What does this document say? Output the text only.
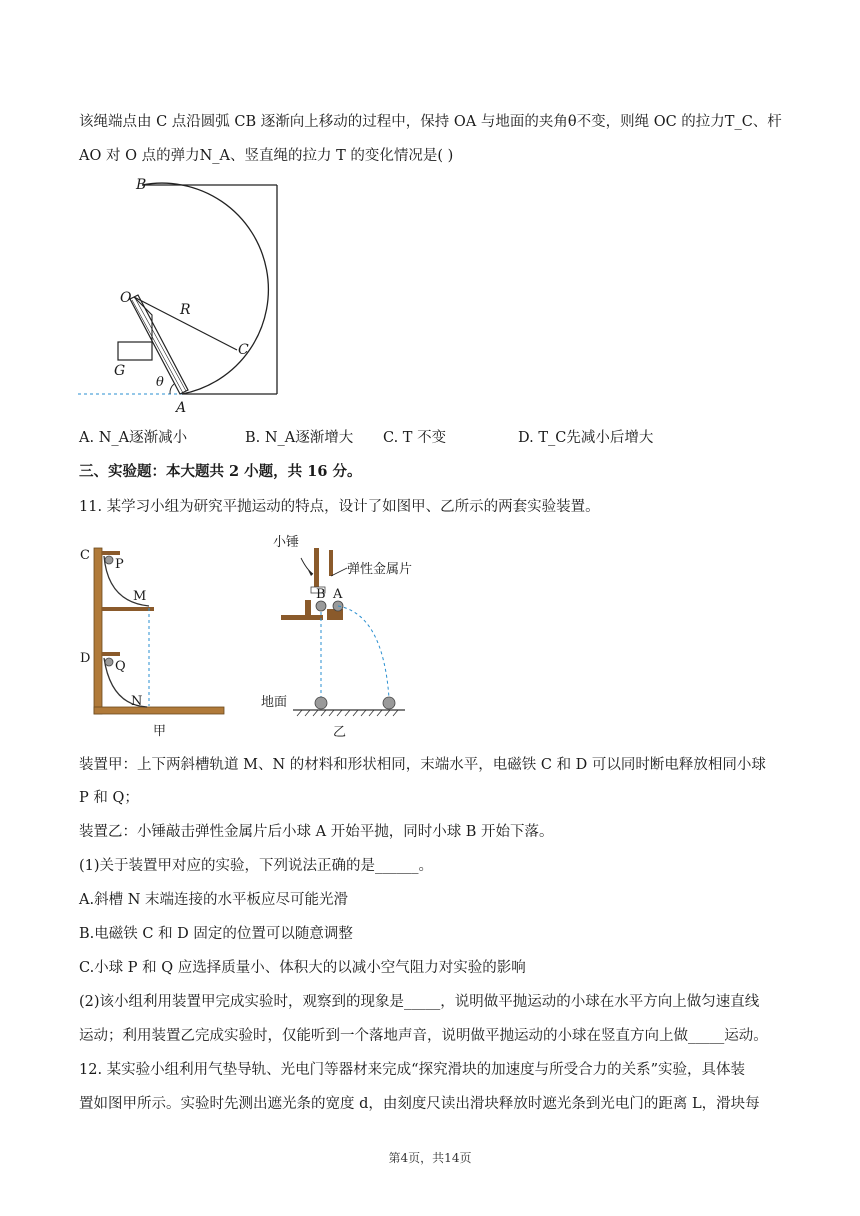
该绳端点由 C 点沿圆弧 CB 逐渐向上移动的过程中，保持 OA 与地面的夹角θ不变，则绳 OC 的拉力T_C、杆
AO 对 O 点的弹力N_A、竖直绳的拉力 T 的变化情况是( )
B
O
R
C
G
θ
A
A. N_A逐渐减小	B. N_A逐渐增大 C. T 不变	D. T_C先减小后增大
三、实验题：本大题共 2 小题，共 16 分。
11. 某学习小组为研究平抛运动的特点，设计了如图甲、乙所示的两套实验装置。
C
P
M
D
Q
N
甲
小锤
弹性金属片
B A
地面
乙
装置甲：上下两斜槽轨道 M、N 的材料和形状相同，末端水平，电磁铁 C 和 D 可以同时断电释放相同小球
P 和 Q；
装置乙：小锤敲击弹性金属片后小球 A 开始平抛，同时小球 B 开始下落。
(1)关于装置甲对应的实验，下列说法正确的是______。
A.斜槽 N 末端连接的水平板应尽可能光滑
B.电磁铁 C 和 D 固定的位置可以随意调整
C.小球 P 和 Q 应选择质量小、体积大的以减小空气阻力对实验的影响
(2)该小组利用装置甲完成实验时，观察到的现象是_____，说明做平抛运动的小球在水平方向上做匀速直线
运动；利用装置乙完成实验时，仅能听到一个落地声音，说明做平抛运动的小球在竖直方向上做_____运动。
12. 某实验小组利用气垫导轨、光电门等器材来完成“探究滑块的加速度与所受合力的关系”实验，具体装
置如图甲所示。实验时先测出遮光条的宽度 d，由刻度尺读出滑块释放时遮光条到光电门的距离 L，滑块每
第4页，共14页
